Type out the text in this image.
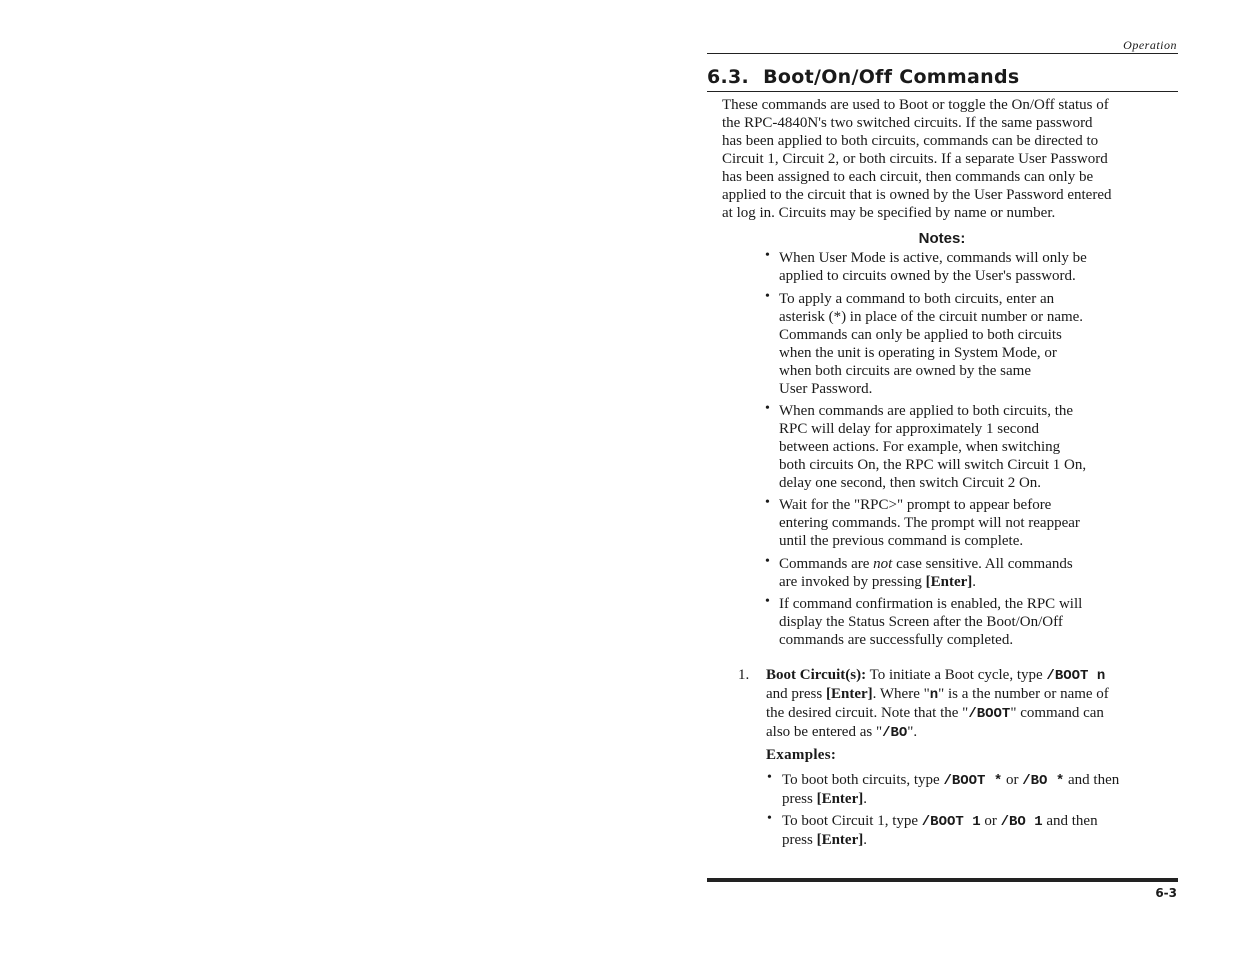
Operation
6.3. Boot/On/Off Commands
These commands are used to Boot or toggle the On/Off status of
the RPC-4840N's two switched circuits. If the same password
has been applied to both circuits, commands can be directed to
Circuit 1, Circuit 2, or both circuits. If a separate User Password
has been assigned to each circuit, then commands can only be
applied to the circuit that is owned by the User Password entered
at log in. Circuits may be specified by name or number.
Notes:
• When User Mode is active, commands will only be
applied to circuits owned by the User's password.
• To apply a command to both circuits, enter an
asterisk (*) in place of the circuit number or name.
Commands can only be applied to both circuits
when the unit is operating in System Mode, or
when both circuits are owned by the same
User Password.
• When commands are applied to both circuits, the
RPC will delay for approximately 1 second
between actions. For example, when switching
both circuits On, the RPC will switch Circuit 1 On,
delay one second, then switch Circuit 2 On.
• Wait for the "RPC>" prompt to appear before
entering commands. The prompt will not reappear
until the previous command is complete.
• Commands are not case sensitive. All commands
are invoked by pressing [Enter].
• If command confirmation is enabled, the RPC will
display the Status Screen after the Boot/On/Off
commands are successfully completed.
1. Boot Circuit(s): To initiate a Boot cycle, type /BOOT n
and press [Enter]. Where "n" is a the number or name of
the desired circuit. Note that the "/BOOT" command can
also be entered as "/BO".
Examples:
• To boot both circuits, type /BOOT * or /BO * and then
press [Enter].
• To boot Circuit 1, type /BOOT 1 or /BO 1 and then
press [Enter].
6-3
